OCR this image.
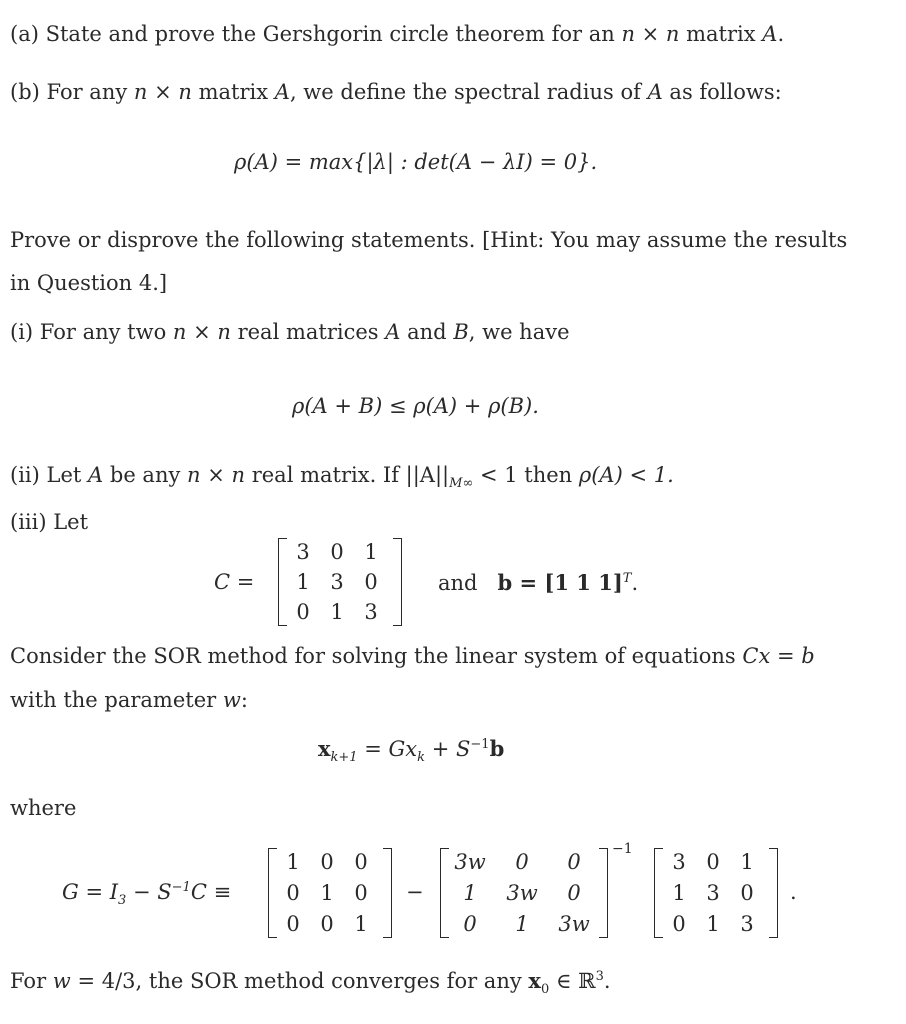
(a) State and prove the Gershgorin circle theorem for an n × n matrix A.
(b) For any n × n matrix A, we define the spectral radius of A as follows:
ρ(A) = max{|λ| : det(A − λI) = 0}.
Prove or disprove the following statements. [Hint: You may assume the results
in Question 4.]
(i) For any two n × n real matrices A and B, we have
ρ(A + B) ≤ ρ(A) + ρ(B).
(ii) Let A be any n × n real matrix. If $||A||_{M\infty} < 1$ then ρ(A) < 1.
(iii) Let
C =
3 0 1
1 3 0
0 1 3
and b = [1 1 1]$^T$.
Consider the SOR method for solving the linear system of equations Cx = b
with the parameter w:
$x_{k+1} = Gx_k + S^{-1}b$
where
$G = I_3 - S^{-1}C$ ≡
1 0 0
0 1 0
0 0 1
−
3w	0	0
1	3w	0
0	1	3w
−1
3 0 1
1 3 0
0 1 3
.
For w = 4/3, the SOR method converges for any $x_0$ ∈ ℝ$^3$.
